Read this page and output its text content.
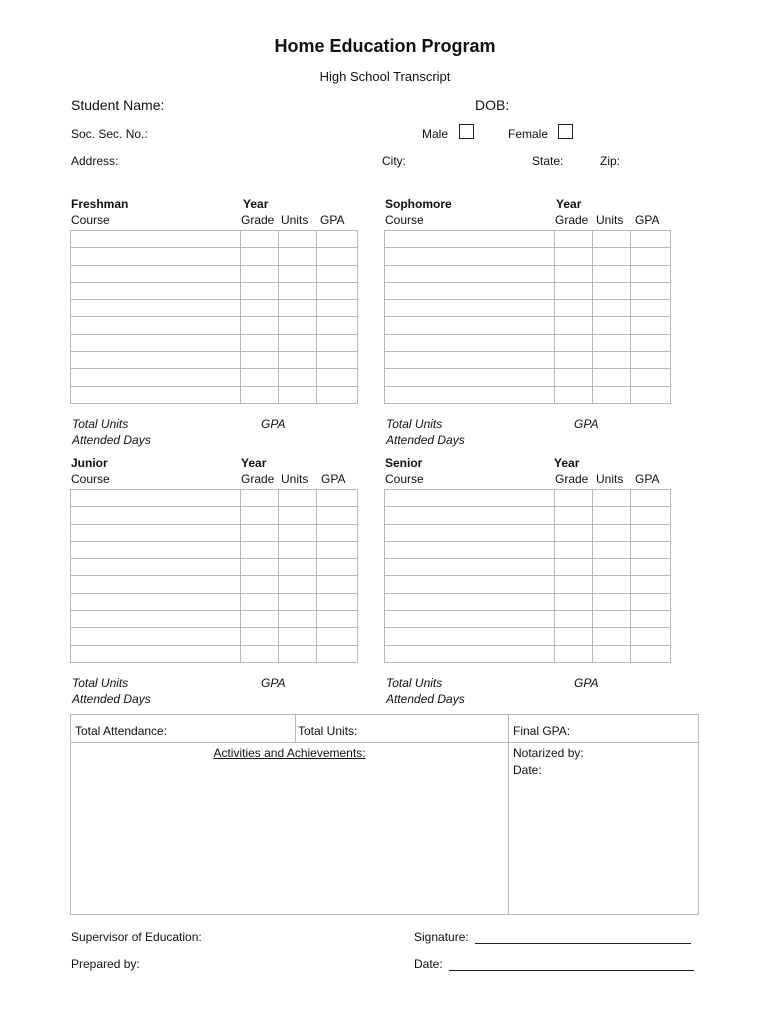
Home Education Program
High School Transcript
Student Name:	DOB:
Soc. Sec. No.:	Male	Female
Address:	City:	State:	Zip:
Freshman	Year
Course	Grade Units GPA

Total Units	GPA
Attended Days
Sophomore	Year
Course	Grade Units GPA

Total Units	GPA
Attended Days
Junior	Year
Course	Grade Units GPA

Total Units	GPA
Attended Days
Senior	Year
Course	Grade Units GPA

Total Units	GPA
Attended Days
Total Attendance:	Total Units:	Final GPA:
Activities and Achievements:	Notarized by:
Date:
Supervisor of Education:	Signature:
Prepared by:	Date:
